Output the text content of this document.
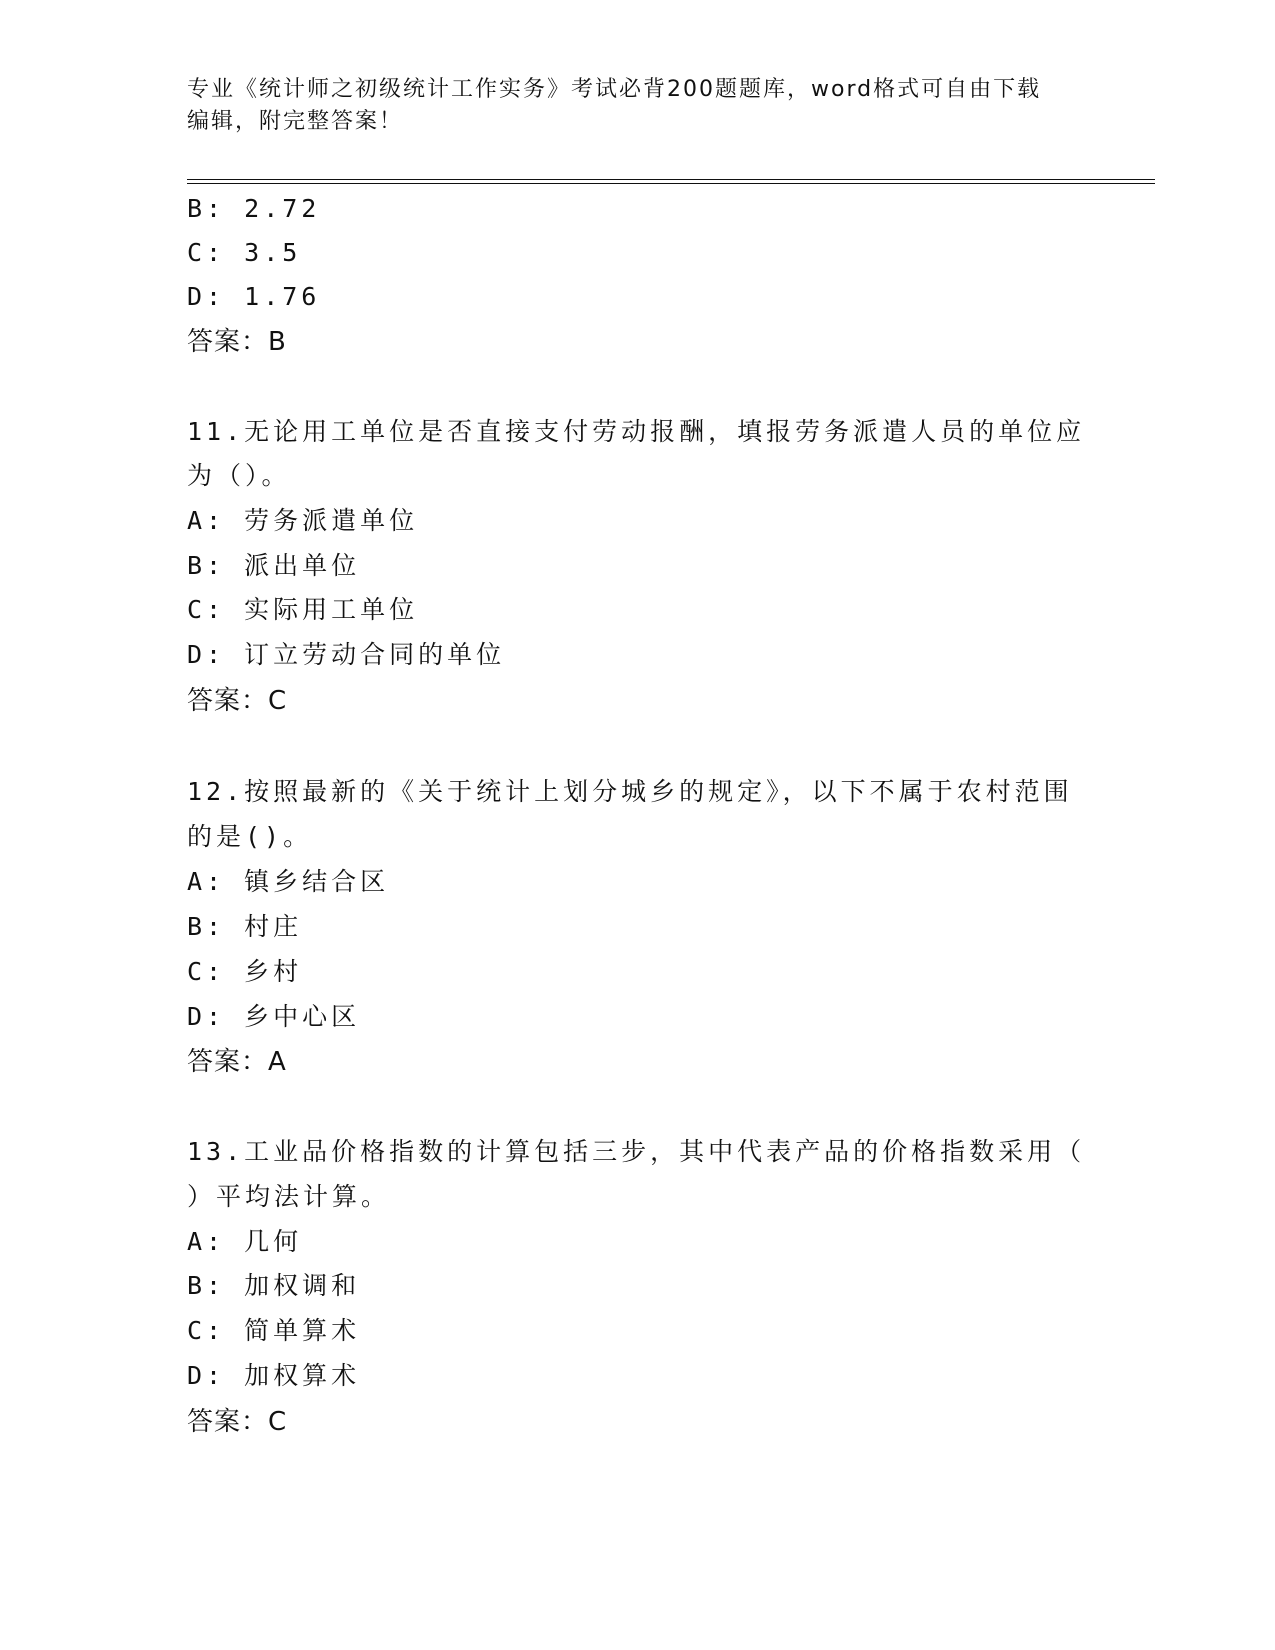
专业《统计师之初级统计工作实务》考试必背200题题库，word格式可自由下载
编辑，附完整答案！
B: 2.72
C: 3.5
D: 1.76
答案：B
11.无论用工单位是否直接支付劳动报酬，填报劳务派遣人员的单位应
为（）。
A: 劳务派遣单位
B: 派出单位
C: 实际用工单位
D: 订立劳动合同的单位
答案：C
12.按照最新的《关于统计上划分城乡的规定》，以下不属于农村范围
的是()。
A: 镇乡结合区
B: 村庄
C: 乡村
D: 乡中心区
答案：A
13.工业品价格指数的计算包括三步，其中代表产品的价格指数采用（
）平均法计算。
A: 几何
B: 加权调和
C: 简单算术
D: 加权算术
答案：C
